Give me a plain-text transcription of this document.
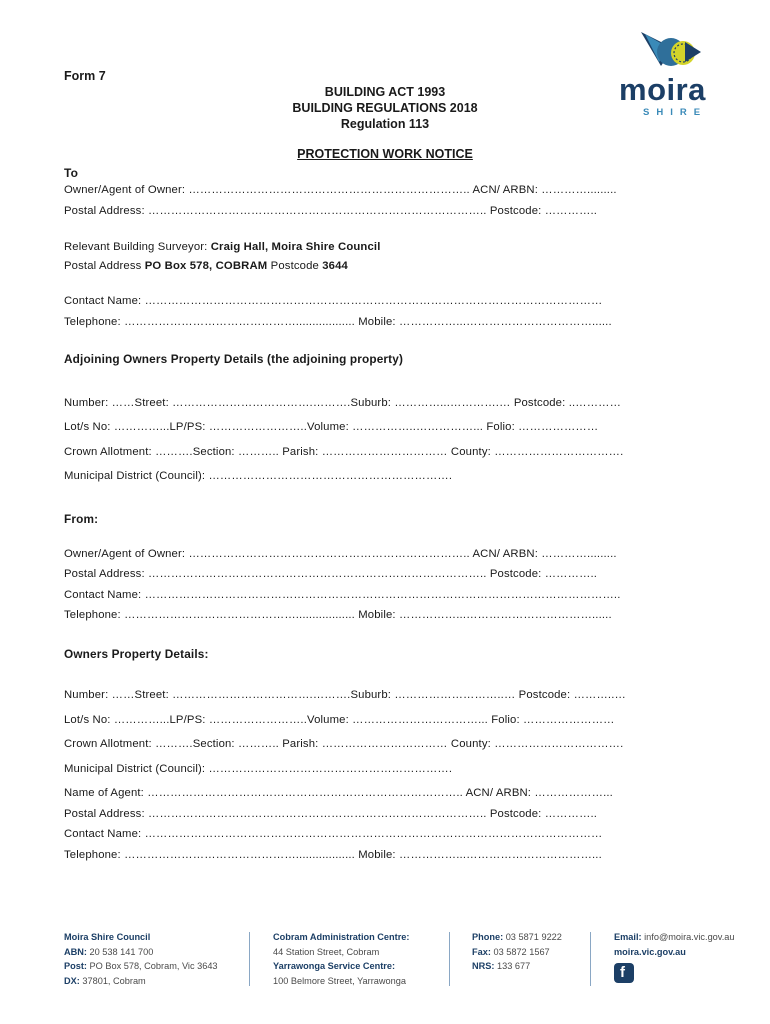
moira
SHIRE
Form 7
BUILDING ACT 1993
BUILDING REGULATIONS 2018
Regulation 113
PROTECTION WORK NOTICE
To
Owner/Agent of Owner: ……………………………………………………………….. ACN/ ARBN: ………….........
Postal Address: …………………………………………………………………………….. Postcode: …………..
Relevant Building Surveyor: Craig Hall, Moira Shire Council
Postal Address PO Box 578, COBRAM Postcode 3644
Contact Name: …………………………………………………………………………………………………………
Telephone: ……………………………………….................. Mobile: ……………...……………………………......
Adjoining Owners Property Details (the adjoining property)
Number: ……Street: ……………………………….……….Suburb: …………...………….… Postcode: ..…………
Lot/s No: …………...LP/PS: ……………………..Volume: ……………..……………... Folio: …………………
Crown Allotment: ……….Section: ……….. Parish: …………………………… County: …………………………….
Municipal District (Council): ……………………………………………………….
From:
Owner/Agent of Owner: ……………………………………………………………….. ACN/ ARBN: ………….........
Postal Address: …………………………………………………………………………….. Postcode: …………..
Contact Name: ……………………………………………………………………………………………………………..
Telephone: ……………………………………….................. Mobile: ……………...……………………………......
Owners Property Details:
Number: ……Street: ……………………………….……….Suburb: ………………………..… Postcode: ………..…
Lot/s No: …………...LP/PS: ……………………..Volume: ……………………………... Folio: ……………………
Crown Allotment: ……….Section: ……….. Parish: …………………………… County: …………………………….
Municipal District (Council): ……………………………………………………….
Name of Agent: ……………………………………………………………………….. ACN/ ARBN: ………………...
Postal Address: …………………………………………………………………………….. Postcode: …………..
Contact Name: …………………………………………………………………………………………………………
Telephone: ……………………………………….................. Mobile: ……………...……………………………...
Moira Shire Council
ABN: 20 538 141 700
Post: PO Box 578, Cobram, Vic 3643
DX: 37801, Cobram
Cobram Administration Centre:
44 Station Street, Cobram
Yarrawonga Service Centre:
100 Belmore Street, Yarrawonga
Phone: 03 5871 9222
Fax: 03 5872 1567
NRS: 133 677
Email: info@moira.vic.gov.au
moira.vic.gov.au
f
